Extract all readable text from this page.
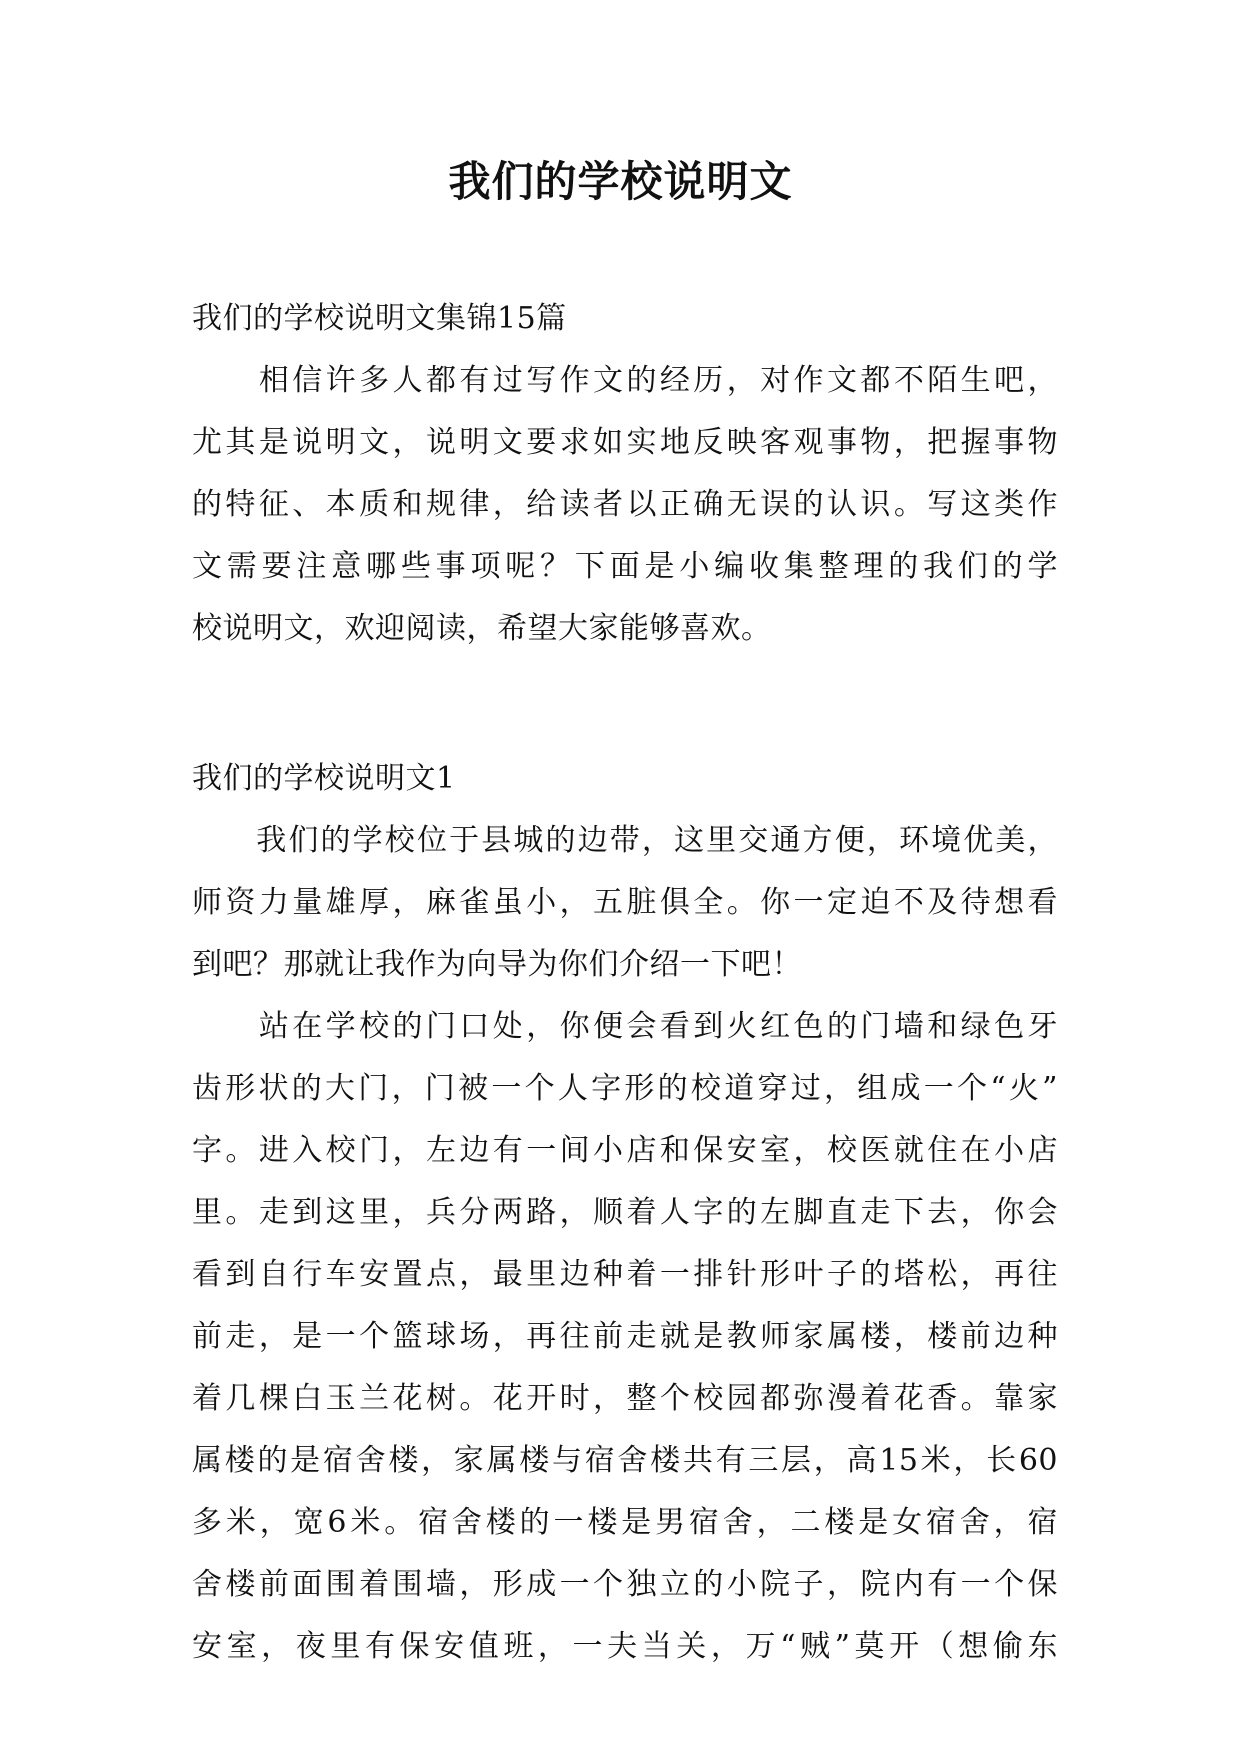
我们的学校说明文
我们的学校说明文集锦15篇
　　相信许多人都有过写作文的经历，对作文都不陌生吧，
尤其是说明文，说明文要求如实地反映客观事物，把握事物
的特征、本质和规律，给读者以正确无误的认识。写这类作
文需要注意哪些事项呢？下面是小编收集整理的我们的学
校说明文，欢迎阅读，希望大家能够喜欢。
我们的学校说明文1
　　我们的学校位于县城的边带，这里交通方便，环境优美，
师资力量雄厚，麻雀虽小，五脏俱全。你一定迫不及待想看
到吧？那就让我作为向导为你们介绍一下吧！
　　站在学校的门口处，你便会看到火红色的门墙和绿色牙
齿形状的大门，门被一个人字形的校道穿过，组成一个“火”
字。进入校门，左边有一间小店和保安室，校医就住在小店
里。走到这里，兵分两路，顺着人字的左脚直走下去，你会
看到自行车安置点，最里边种着一排针形叶子的塔松，再往
前走，是一个篮球场，再往前走就是教师家属楼，楼前边种
着几棵白玉兰花树。花开时，整个校园都弥漫着花香。靠家
属楼的是宿舍楼，家属楼与宿舍楼共有三层，高15米，长60
多米，宽6米。宿舍楼的一楼是男宿舍，二楼是女宿舍，宿
舍楼前面围着围墙，形成一个独立的小院子，院内有一个保
安室，夜里有保安值班，一夫当关，万“贼”莫开（想偷东
